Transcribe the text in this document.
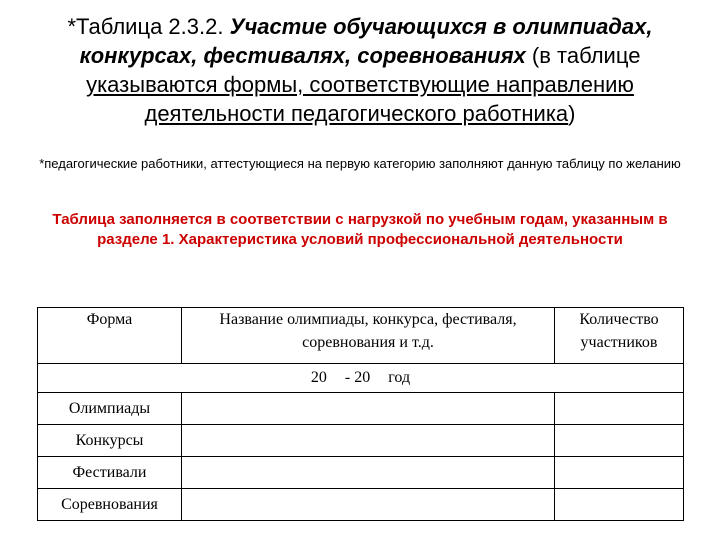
*Таблица 2.3.2. Участие обучающихся в олимпиадах, конкурсах, фестивалях, соревнованиях (в таблице указываются формы, соответствующие направлению деятельности педагогического работника)
*педагогические работники, аттестующиеся на первую категорию заполняют данную таблицу по желанию
Таблица заполняется в соответствии с нагрузкой по учебным годам, указанным в разделе 1. Характеристика условий профессиональной деятельности
Форма	Название олимпиады, конкурса, фестиваля, соревнования и т.д.	Количество участников
20 - 20 год		
Олимпиады		
Конкурсы		
Фестивали		
Соревнования		
